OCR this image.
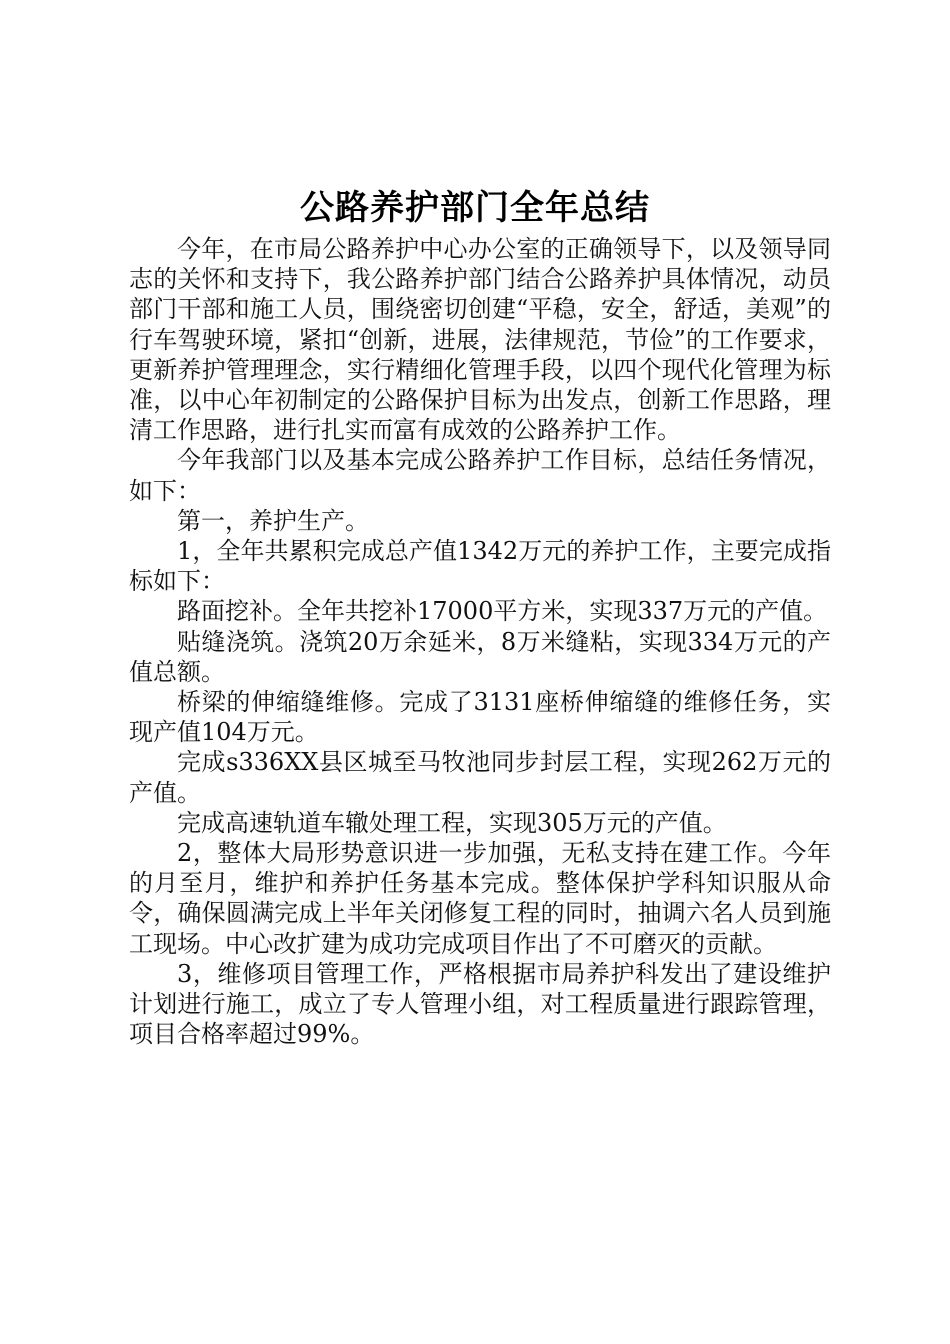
公路养护部门全年总结

今年，在市局公路养护中心办公室的正确领导下，以及领导同志的关怀和支持下，我公路养护部门结合公路养护具体情况，动员部门干部和施工人员，围绕密切创建“平稳，安全，舒适，美观”的行车驾驶环境，紧扣“创新，进展，法律规范，节俭”的工作要求，更新养护管理理念，实行精细化管理手段，以四个现代化管理为标准，以中心年初制定的公路保护目标为出发点，创新工作思路，理清工作思路，进行扎实而富有成效的公路养护工作。

今年我部门以及基本完成公路养护工作目标，总结任务情况，如下：

第一，养护生产。

1，全年共累积完成总产值1342万元的养护工作，主要完成指标如下：

路面挖补。全年共挖补17000平方米，实现337万元的产值。

贴缝浇筑。浇筑20万余延米，8万米缝粘，实现334万元的产值总额。

桥梁的伸缩缝维修。完成了3131座桥伸缩缝的维修任务，实现产值104万元。

完成s336XX县区城至马牧池同步封层工程，实现262万元的产值。

完成高速轨道车辙处理工程，实现305万元的产值。

2，整体大局形势意识进一步加强，无私支持在建工作。今年的月至月，维护和养护任务基本完成。整体保护学科知识服从命令，确保圆满完成上半年关闭修复工程的同时，抽调六名人员到施工现场。中心改扩建为成功完成项目作出了不可磨灭的贡献。

3，维修项目管理工作，严格根据市局养护科发出了建设维护计划进行施工，成立了专人管理小组，对工程质量进行跟踪管理，项目合格率超过99%。
